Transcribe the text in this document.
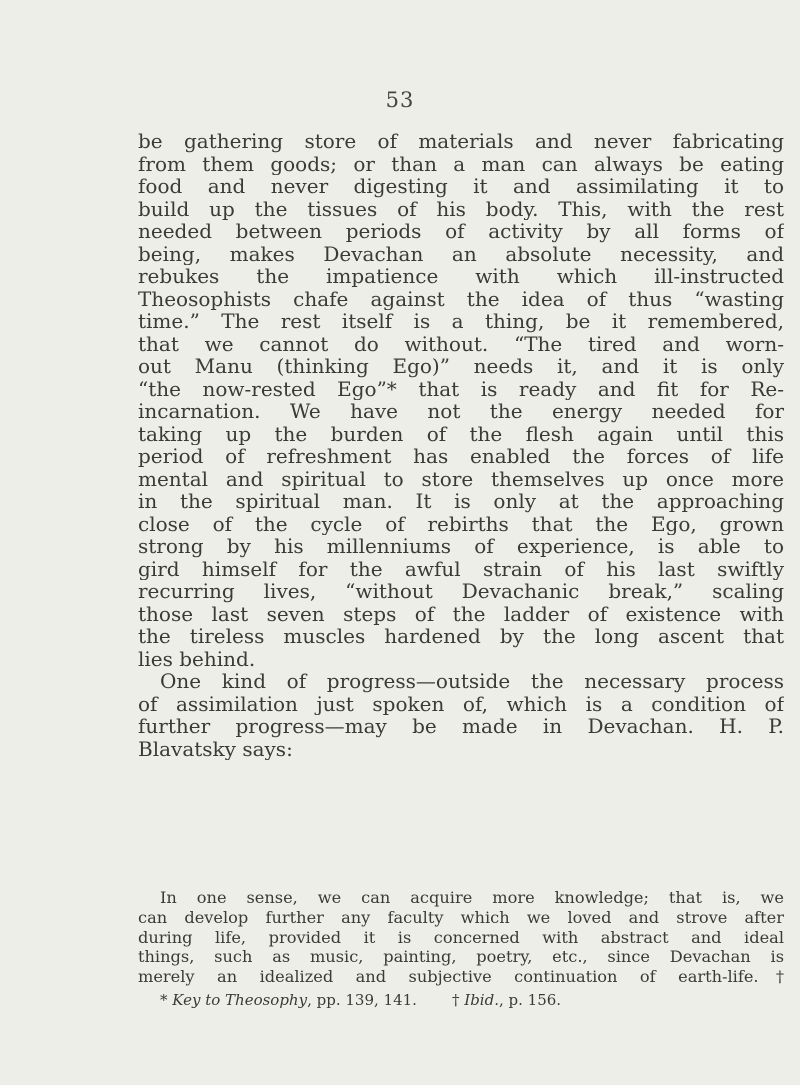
53
be gathering store of materials and never fabricating
from them goods; or than a man can always be eating
food and never digesting it and assimilating it to
build up the tissues of his body. This, with the rest
needed between periods of activity by all forms of
being, makes Devachan an absolute necessity, and
rebukes the impatience with which ill-instructed
Theosophists chafe against the idea of thus “wasting
time.” The rest itself is a thing, be it remembered,
that we cannot do without. “The tired and worn-
out Manu (thinking Ego)” needs it, and it is only
“the now-rested Ego”* that is ready and fit for Re-
incarnation. We have not the energy needed for
taking up the burden of the flesh again until this
period of refreshment has enabled the forces of life
mental and spiritual to store themselves up once more
in the spiritual man. It is only at the approaching
close of the cycle of rebirths that the Ego, grown
strong by his millenniums of experience, is able to
gird himself for the awful strain of his last swiftly
recurring lives, “without Devachanic break,” scaling
those last seven steps of the ladder of existence with
the tireless muscles hardened by the long ascent that
lies behind.
One kind of progress—outside the necessary process
of assimilation just spoken of, which is a condition of
further progress—may be made in Devachan. H. P.
Blavatsky says:
In one sense, we can acquire more knowledge; that is, we
can develop further any faculty which we loved and strove after
during life, provided it is concerned with abstract and ideal
things, such as music, painting, poetry, etc., since Devachan is
merely an idealized and subjective continuation of earth-life.†
* Key to Theosophy, pp. 139, 141. † Ibid., p. 156.
